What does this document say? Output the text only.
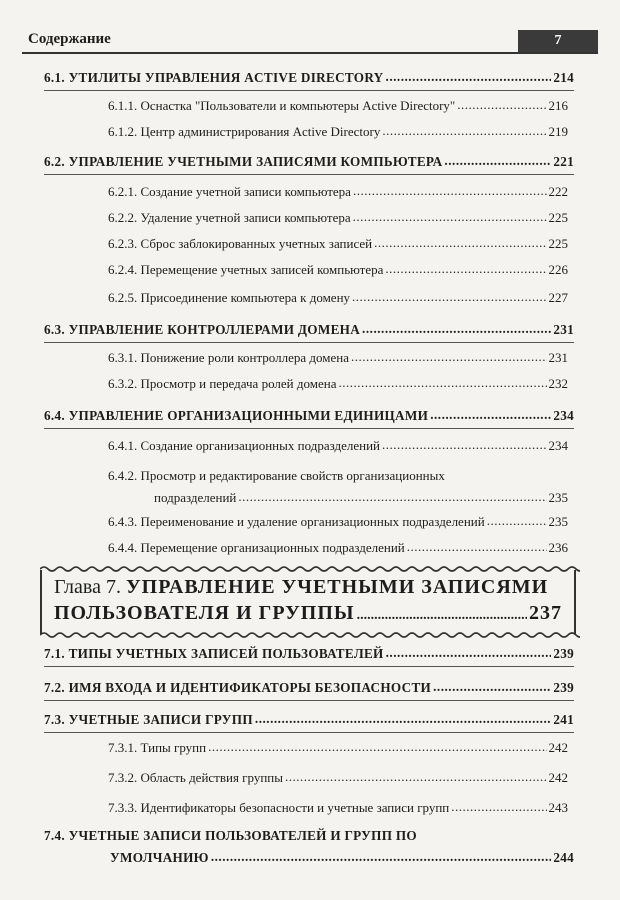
Содержание	7
6.1. УТИЛИТЫ УПРАВЛЕНИЯ ACTIVE DIRECTORY .....	214
6.1.1. Оснастка "Пользователи и компьютеры Active Directory" .....	216
6.1.2. Центр администрирования Active Directory .....	219
6.2. УПРАВЛЕНИЕ УЧЕТНЫМИ ЗАПИСЯМИ КОМПЬЮТЕРА .....	221
6.2.1. Создание учетной записи компьютера .....	222
6.2.2. Удаление учетной записи компьютера .....	225
6.2.3. Сброс заблокированных учетных записей .....	225
6.2.4. Перемещение учетных записей компьютера .....	226
6.2.5. Присоединение компьютера к домену .....	227
6.3. УПРАВЛЕНИЕ КОНТРОЛЛЕРАМИ ДОМЕНА .....	231
6.3.1. Понижение роли контроллера домена .....	231
6.3.2. Просмотр и передача ролей домена .....	232
6.4. УПРАВЛЕНИЕ ОРГАНИЗАЦИОННЫМИ ЕДИНИЦАМИ .....	234
6.4.1. Создание организационных подразделений .....	234
6.4.2. Просмотр и редактирование свойств организационных
подразделений .....	235
6.4.3. Переименование и удаление организационных подразделений .....	235
6.4.4. Перемещение организационных подразделений .....	236
7.1. ТИПЫ УЧЕТНЫХ ЗАПИСЕЙ ПОЛЬЗОВАТЕЛЕЙ .....	239
7.2. ИМЯ ВХОДА И ИДЕНТИФИКАТОРЫ БЕЗОПАСНОСТИ .....	239
7.3. УЧЕТНЫЕ ЗАПИСИ ГРУПП .....	241
7.3.1. Типы групп .....	242
7.3.2. Область действия группы .....	242
7.3.3. Идентификаторы безопасности и учетные записи групп .....	243
7.4. УЧЕТНЫЕ ЗАПИСИ ПОЛЬЗОВАТЕЛЕЙ И ГРУПП ПО
УМОЛЧАНИЮ .....	244
Глава 7. УПРАВЛЕНИЕ УЧЕТНЫМИ ЗАПИСЯМИ
ПОЛЬЗОВАТЕЛЯ И ГРУППЫ .....	237
